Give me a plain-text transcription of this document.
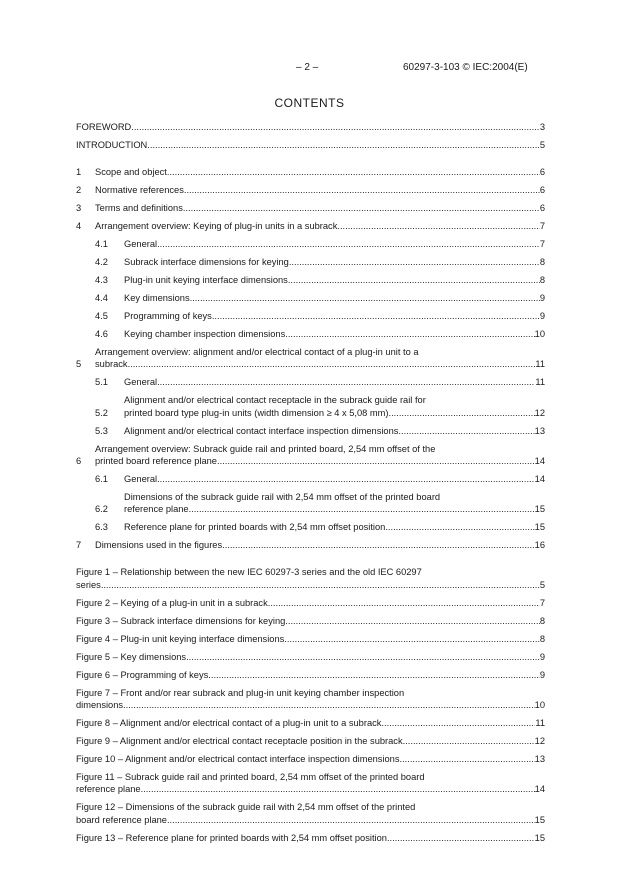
– 2 –	60297-3-103 © IEC:2004(E)
CONTENTS
FOREWORD .....	3
INTRODUCTION .....	5
1	Scope and object .....	6
2	Normative references .....	6
3	Terms and definitions .....	6
4	Arrangement overview: Keying of plug-in units in a subrack .....	7
4.1	General .....	7
4.2	Subrack interface dimensions for keying .....	8
4.3	Plug-in unit keying interface dimensions .....	8
4.4	Key dimensions .....	9
4.5	Programming of keys .....	9
4.6	Keying chamber inspection dimensions .....	10
5
Arrangement overview: alignment and/or electrical contact of a plug-in unit to a
subrack .....	11
5.1	General .....	11
5.2
Alignment and/or electrical contact receptacle in the subrack guide rail for
printed board type plug-in units (width dimension ≥ 4 x 5,08 mm) .....	12
5.3	Alignment and/or electrical contact interface inspection dimensions .....	13
6
Arrangement overview: Subrack guide rail and printed board, 2,54 mm offset of the
printed board reference plane .....	14
6.1	General .....	14
6.2
Dimensions of the subrack guide rail with 2,54 mm offset of the printed board
reference plane .....	15
6.3	Reference plane for printed boards with 2,54 mm offset position .....	15
7	Dimensions used in the figures .....	16
Figure 1 – Relationship between the new IEC 60297-3 series and the old IEC 60297
series .....	5
Figure 2 – Keying of a plug-in unit in a subrack .....	7
Figure 3 – Subrack interface dimensions for keying .....	8
Figure 4 – Plug-in unit keying interface dimensions .....	8
Figure 5 – Key dimensions .....	9
Figure 6 – Programming of keys .....	9
Figure 7 – Front and/or rear subrack and plug-in unit keying chamber inspection
dimensions .....	10
Figure 8 – Alignment and/or electrical contact of a plug-in unit to a subrack .....	11
Figure 9 – Alignment and/or electrical contact receptacle position in the subrack .....	12
Figure 10 – Alignment and/or electrical contact interface inspection dimensions .....	13
Figure 11 – Subrack guide rail and printed board, 2,54 mm offset of the printed board
reference plane .....	14
Figure 12 – Dimensions of the subrack guide rail with 2,54 mm offset of the printed
board reference plane .....	15
Figure 13 – Reference plane for printed boards with 2,54 mm offset position .....	15
